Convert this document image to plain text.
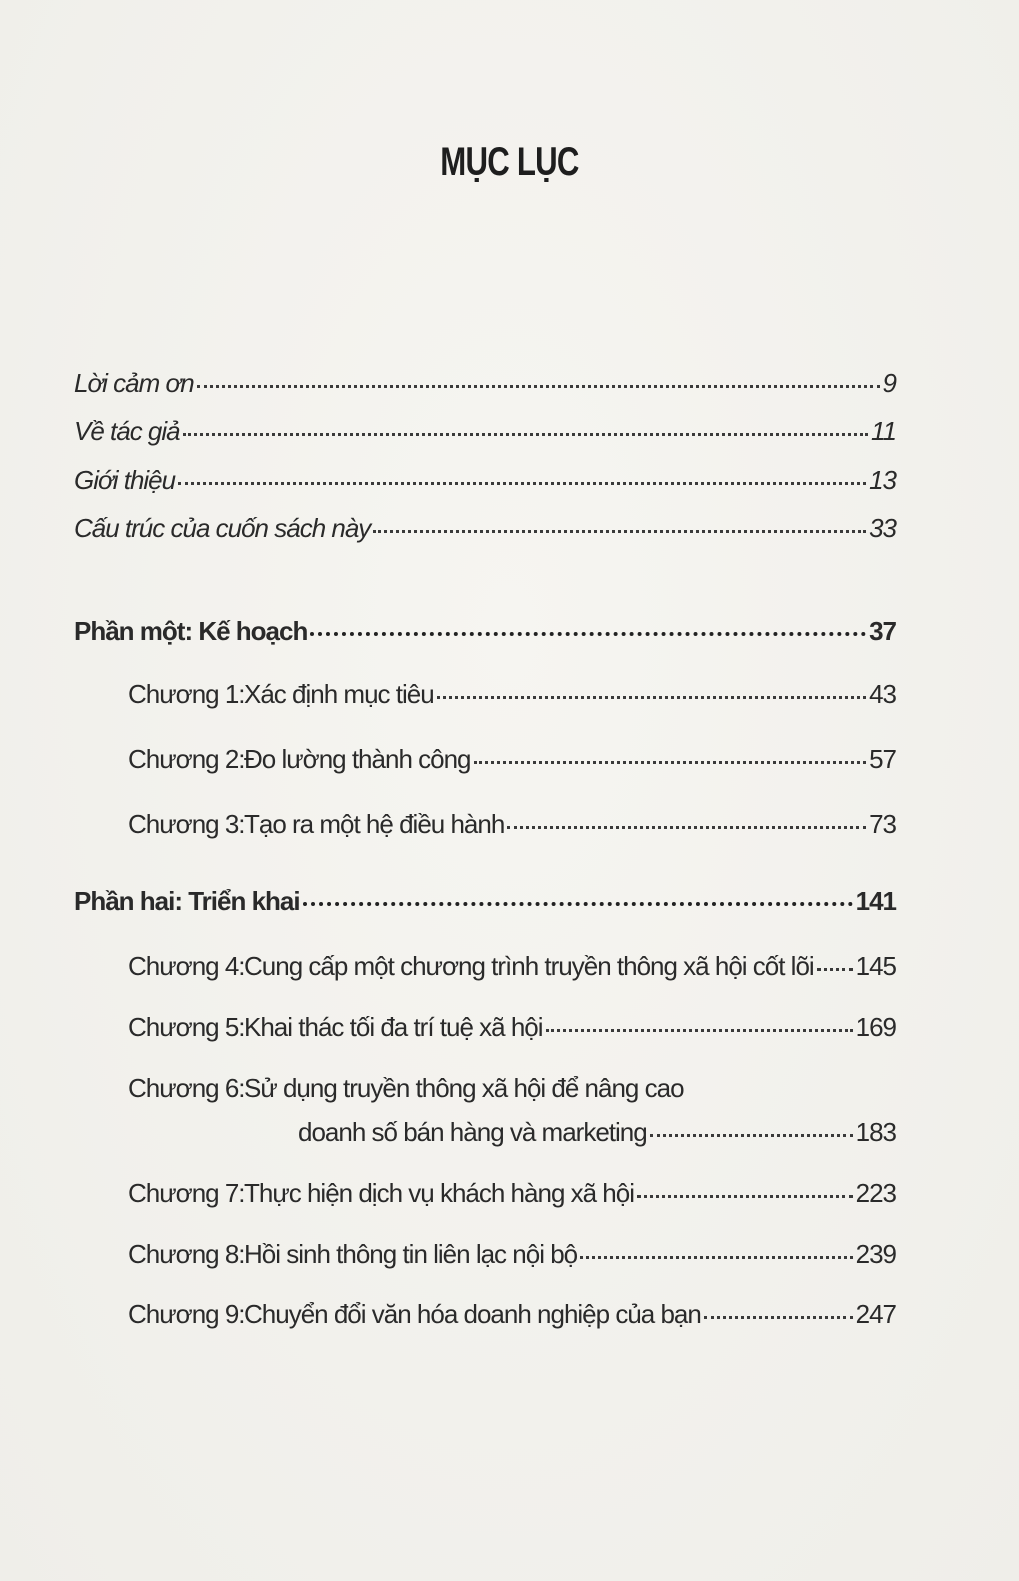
MỤC LỤC
Lời cảm ơn	9
Về tác giả	11
Giới thiệu	13
Cấu trúc của cuốn sách này	33
Phần một: Kế hoạch	37
Chương 1: Xác định mục tiêu	43
Chương 2: Đo lường thành công	57
Chương 3: Tạo ra một hệ điều hành	73
Phần hai: Triển khai	141
Chương 4: Cung cấp một chương trình truyền thông xã hội cốt lõi 145
Chương 5: Khai thác tối đa trí tuệ xã hội	169
Chương 6: Sử dụng truyền thông xã hội để nâng cao
doanh số bán hàng và marketing	183
Chương 7: Thực hiện dịch vụ khách hàng xã hội	223
Chương 8: Hồi sinh thông tin liên lạc nội bộ	239
Chương 9: Chuyển đổi văn hóa doanh nghiệp của bạn	247
